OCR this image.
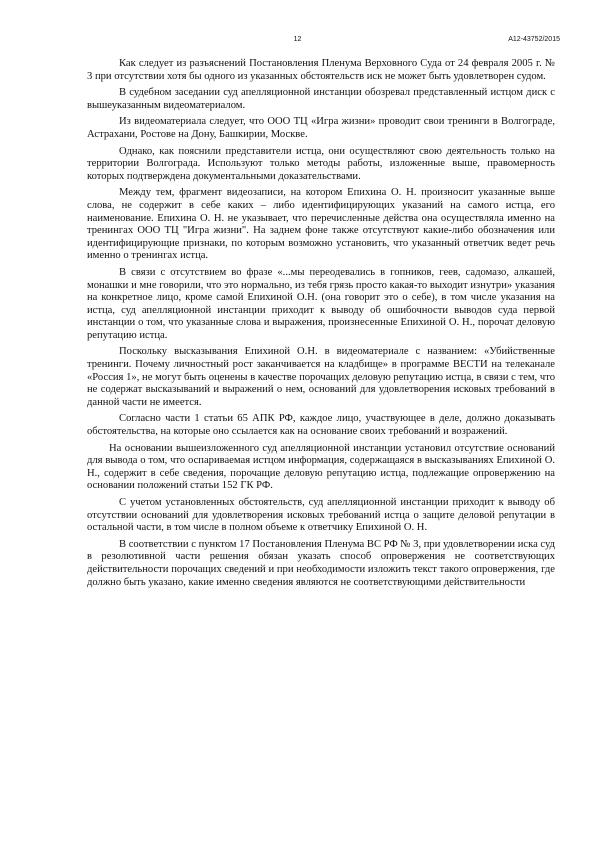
12	А12-43752/2015

Как следует из разъяснений Постановления Пленума Верховного Суда от 24 февраля 2005 г. № 3 при отсутствии хотя бы одного из указанных обстоятельств иск не может быть удовлетворен судом.

В судебном заседании суд апелляционной инстанции обозревал представленный истцом диск с вышеуказанным видеоматериалом.

Из видеоматериала следует, что ООО ТЦ «Игра жизни» проводит свои тренинги в Волгограде, Астрахани, Ростове на Дону, Башкирии, Москве.

Однако, как пояснили представители истца, они осуществляют свою деятельность только на территории Волгограда. Используют только методы работы, изложенные выше, правомерность которых подтверждена документальными доказательствами.

Между тем, фрагмент видеозаписи, на котором Епихина О. Н. произносит указанные выше слова, не содержит в себе каких – либо идентифицирующих указаний на самого истца, его наименование. Епихина О. Н. не указывает, что перечисленные действа она осуществляла именно на тренингах ООО ТЦ "Игра жизни". На заднем фоне также отсутствуют какие-либо обозначения или идентифицирующие признаки, по которым возможно установить, что указанный ответчик ведет речь именно о тренингах истца.

В связи с отсутствием во фразе «...мы переодевались в гопников, геев, садомазо, алкашей, монашки и мне говорили, что это нормально, из тебя грязь просто какая-то выходит изнутри» указания на конкретное лицо, кроме самой Епихиной О.Н. (она говорит это о себе), в том числе указания на истца, суд апелляционной инстанции приходит к выводу об ошибочности выводов суда первой инстанции о том, что указанные слова и выражения, произнесенные Епихиной О. Н., порочат деловую репутацию истца.

Поскольку высказывания Епихиной О.Н. в видеоматериале с названием: «Убийственные тренинги. Почему личностный рост заканчивается на кладбище» в программе ВЕСТИ на телеканале «Россия 1», не могут быть оценены в качестве порочащих деловую репутацию истца, в связи с тем, что не содержат высказываний и выражений о нем, оснований для удовлетворения исковых требований в данной части не имеется.

Согласно части 1 статьи 65 АПК РФ, каждое лицо, участвующее в деле, должно доказывать обстоятельства, на которые оно ссылается как на основание своих требований и возражений.

На основании вышеизложенного суд апелляционной инстанции установил отсутствие оснований для вывода о том, что оспариваемая истцом информация, содержащаяся в высказываниях Епихиной О. Н., содержит в себе сведения, порочащие деловую репутацию истца, подлежащие опровержению на основании положений статьи 152 ГК РФ.

С учетом установленных обстоятельств, суд апелляционной инстанции приходит к выводу об отсутствии оснований для удовлетворения исковых требований истца о защите деловой репутации в остальной части, в том числе в полном объеме к ответчику Епихиной О. Н.

В соответствии с пунктом 17 Постановления Пленума ВС РФ № 3, при удовлетворении иска суд в резолютивной части решения обязан указать способ опровержения не соответствующих действительности порочащих сведений и при необходимости изложить текст такого опровержения, где должно быть указано, какие именно сведения являются не соответствующими действительности
